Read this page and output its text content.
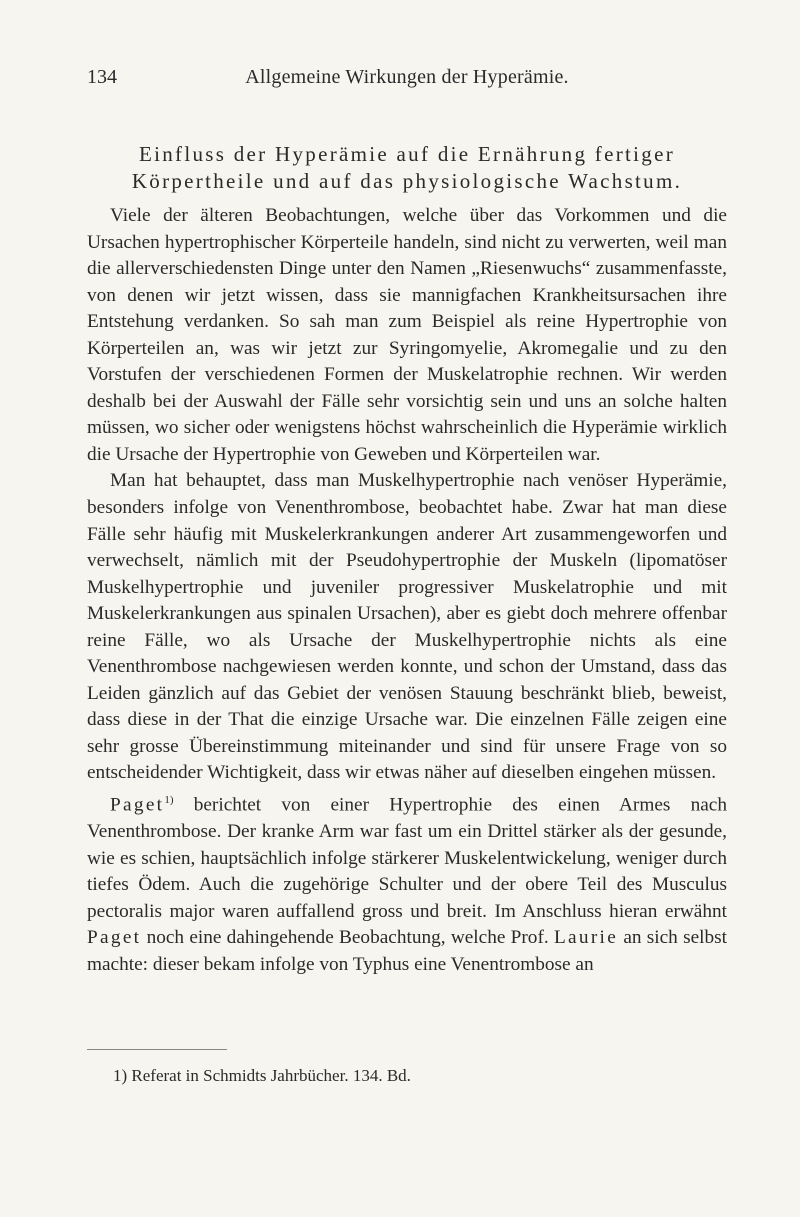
134	Allgemeine Wirkungen der Hyperämie.
Einfluss der Hyperämie auf die Ernährung fertiger
Körpertheile und auf das physiologische Wachstum.

Viele der älteren Beobachtungen, welche über das Vorkommen und die Ursachen hypertrophischer Körperteile handeln, sind nicht zu verwerten, weil man die allerverschiedensten Dinge unter den Namen „Riesenwuchs“ zusammenfasste, von denen wir jetzt wissen, dass sie mannigfachen Krankheitsursachen ihre Entstehung verdanken. So sah man zum Beispiel als reine Hypertrophie von Körperteilen an, was wir jetzt zur Syringomyelie, Akromegalie und zu den Vorstufen der verschiedenen Formen der Muskelatrophie rechnen. Wir werden deshalb bei der Auswahl der Fälle sehr vorsichtig sein und uns an solche halten müssen, wo sicher oder wenigstens höchst wahrscheinlich die Hyperämie wirklich die Ursache der Hypertrophie von Geweben und Körperteilen war.

Man hat behauptet, dass man Muskelhypertrophie nach venöser Hyperämie, besonders infolge von Venenthrombose, beobachtet habe. Zwar hat man diese Fälle sehr häufig mit Muskelerkrankungen anderer Art zusammengeworfen und verwechselt, nämlich mit der Pseudohypertrophie der Muskeln (lipomatöser Muskelhypertrophie und juveniler progressiver Muskelatrophie und mit Muskelerkrankungen aus spinalen Ursachen), aber es giebt doch mehrere offenbar reine Fälle, wo als Ursache der Muskelhypertrophie nichts als eine Venenthrombose nachgewiesen werden konnte, und schon der Umstand, dass das Leiden gänzlich auf das Gebiet der venösen Stauung beschränkt blieb, beweist, dass diese in der That die einzige Ursache war. Die einzelnen Fälle zeigen eine sehr grosse Übereinstimmung miteinander und sind für unsere Frage von so entscheidender Wichtigkeit, dass wir etwas näher auf dieselben eingehen müssen.

Paget$^{1)}$ berichtet von einer Hypertrophie des einen Armes nach Venenthrombose. Der kranke Arm war fast um ein Drittel stärker als der gesunde, wie es schien, hauptsächlich infolge stärkerer Muskelentwickelung, weniger durch tiefes Ödem. Auch die zugehörige Schulter und der obere Teil des Musculus pectoralis major waren auffallend gross und breit. Im Anschluss hieran erwähnt Paget noch eine dahingehende Beobachtung, welche Prof. Laurie an sich selbst machte: dieser bekam infolge von Typhus eine Venentrombose an

1) Referat in Schmidts Jahrbücher. 134. Bd.
